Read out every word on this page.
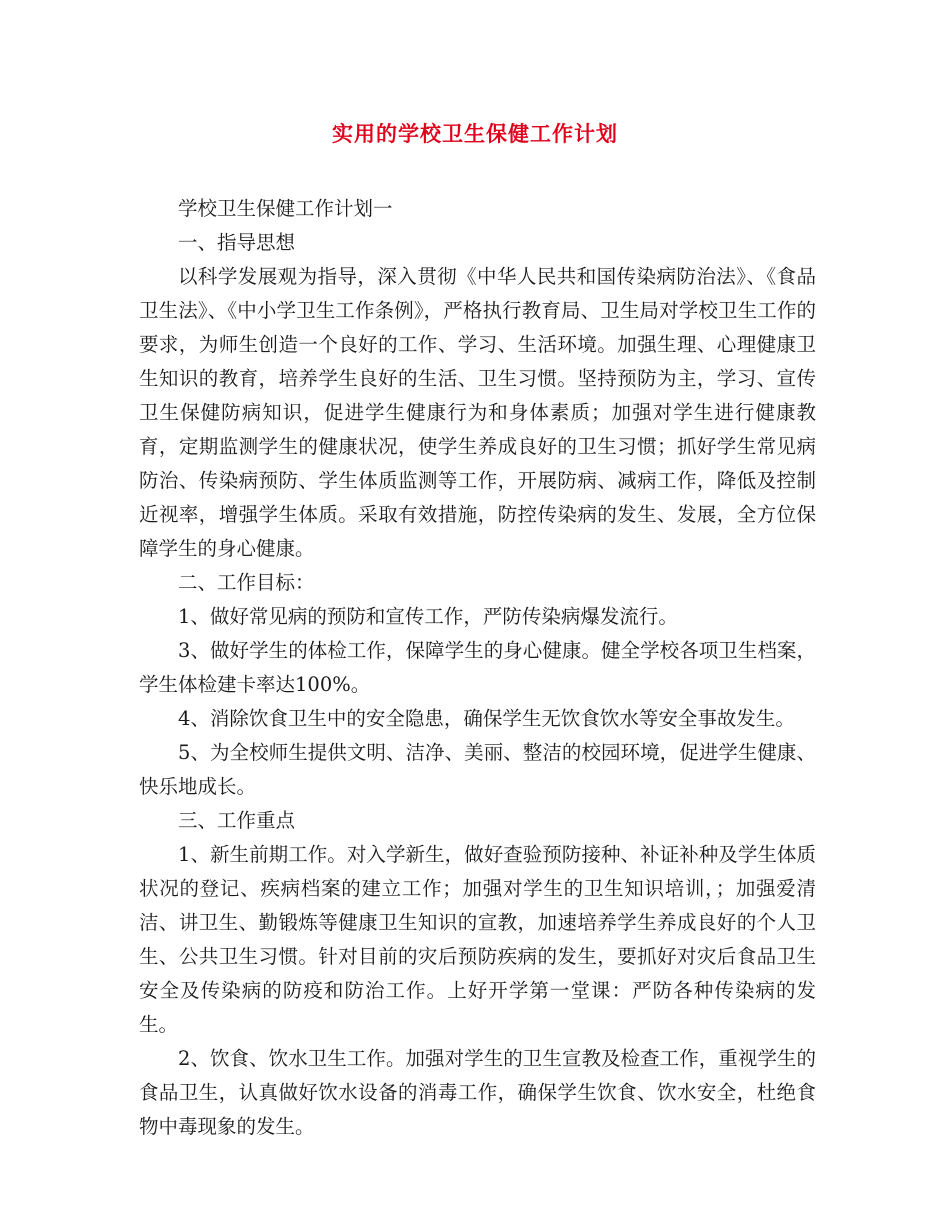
实用的学校卫生保健工作计划

学校卫生保健工作计划一

一、指导思想

以科学发展观为指导，深入贯彻《中华人民共和国传染病防治法》、《食品卫生法》、《中小学卫生工作条例》，严格执行教育局、卫生局对学校卫生工作的要求，为师生创造一个良好的工作、学习、生活环境。加强生理、心理健康卫生知识的教育，培养学生良好的生活、卫生习惯。坚持预防为主，学习、宣传卫生保健防病知识，促进学生健康行为和身体素质；加强对学生进行健康教育，定期监测学生的健康状况，使学生养成良好的卫生习惯；抓好学生常见病防治、传染病预防、学生体质监测等工作，开展防病、减病工作，降低及控制近视率，增强学生体质。采取有效措施，防控传染病的发生、发展，全方位保障学生的身心健康。

二、工作目标：

1、做好常见病的预防和宣传工作，严防传染病爆发流行。

3、做好学生的体检工作，保障学生的身心健康。健全学校各项卫生档案，学生体检建卡率达100%。

4、消除饮食卫生中的安全隐患，确保学生无饮食饮水等安全事故发生。

5、为全校师生提供文明、洁净、美丽、整洁的校园环境，促进学生健康、快乐地成长。

三、工作重点

1、新生前期工作。对入学新生，做好查验预防接种、补证补种及学生体质状况的登记、疾病档案的建立工作；加强对学生的卫生知识培训，；加强爱清洁、讲卫生、勤锻炼等健康卫生知识的宣教，加速培养学生养成良好的个人卫生、公共卫生习惯。针对目前的灾后预防疾病的发生，要抓好对灾后食品卫生安全及传染病的防疫和防治工作。上好开学第一堂课：严防各种传染病的发生。

2、饮食、饮水卫生工作。加强对学生的卫生宣教及检查工作，重视学生的食品卫生，认真做好饮水设备的消毒工作，确保学生饮食、饮水安全，杜绝食物中毒现象的发生。
